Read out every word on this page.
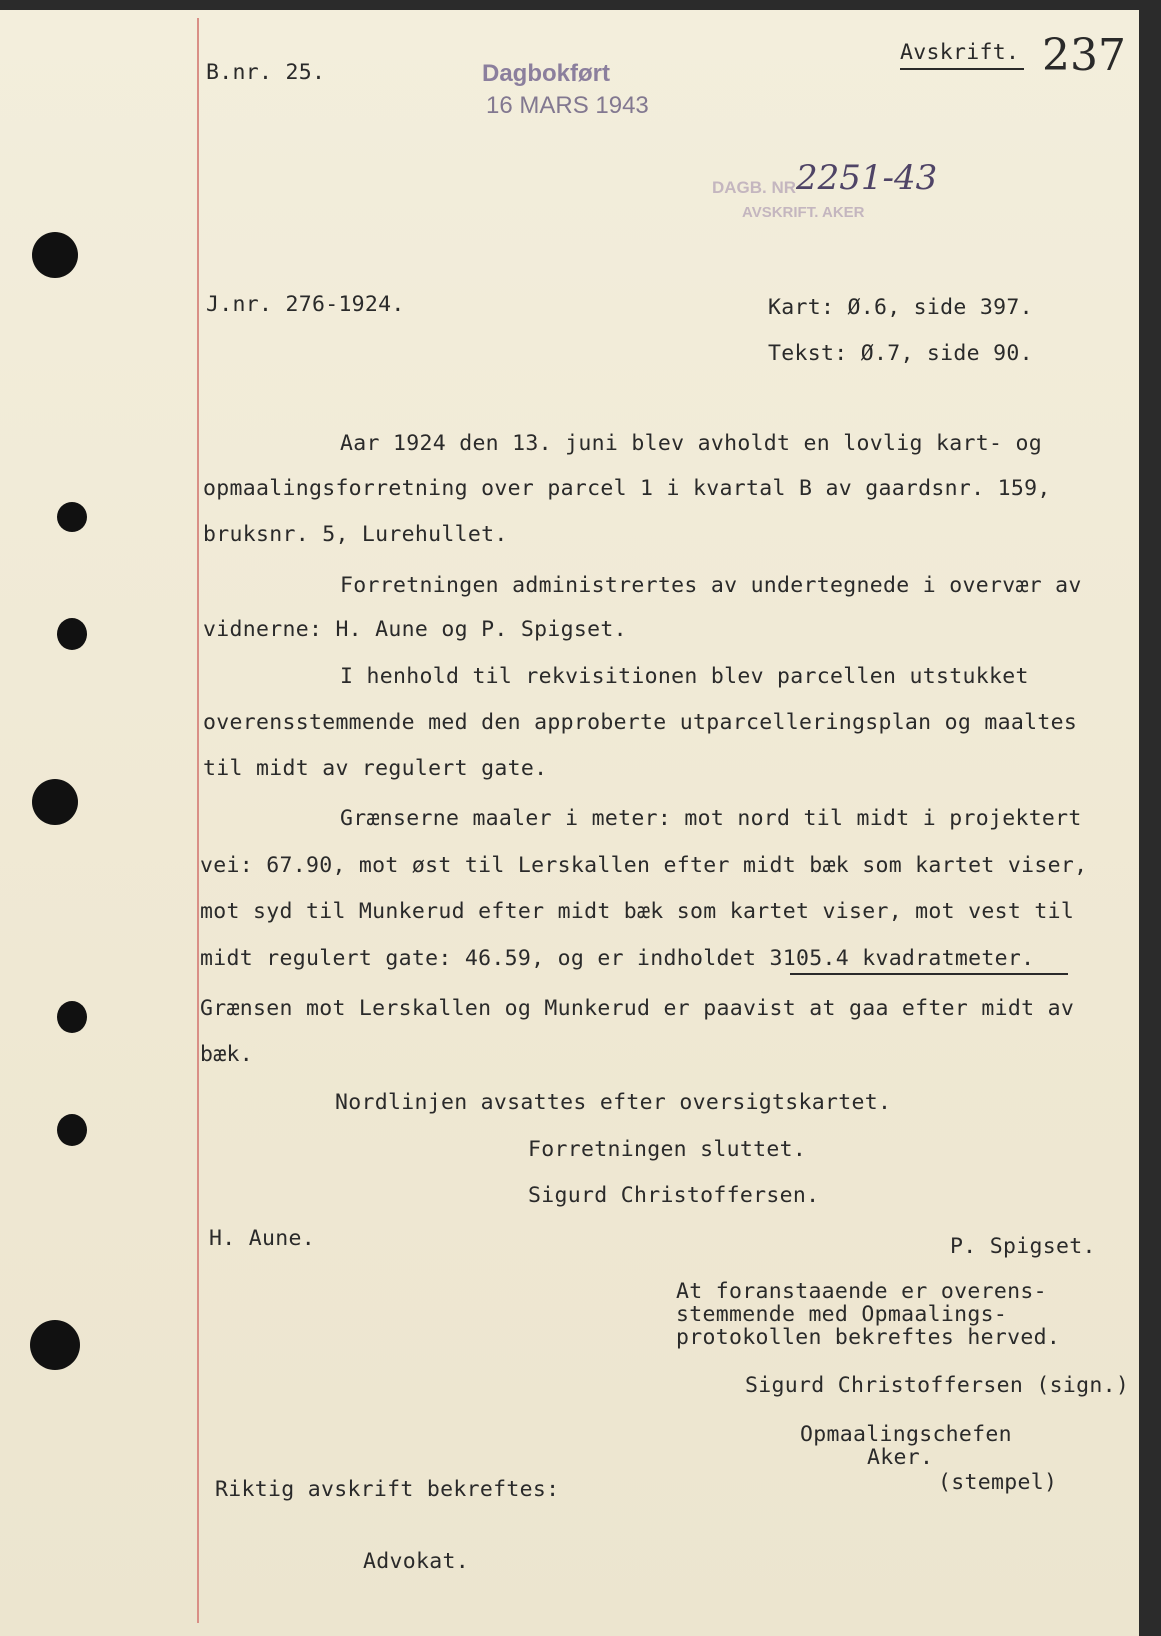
B.nr. 25.	Dagbokført
16 MARS 1943
Avskrift. 237
DAGB. NR 2251-43
AVSKRIFT. AKER
J.nr. 276-1924.	Kart: Ø.6, side 397.
Tekst: Ø.7, side 90.
Aar 1924 den 13. juni blev avholdt en lovlig kart- og
opmaalingsforretning over parcel 1 i kvartal B av gaardsnr. 159,
bruksnr. 5, Lurehullet.
Forretningen administrertes av undertegnede i overvær av
vidnerne: H. Aune og P. Spigset.
I henhold til rekvisitionen blev parcellen utstukket
overensstemmende med den approberte utparcelleringsplan og maaltes
til midt av regulert gate.
Grænserne maaler i meter: mot nord til midt i projektert
vei: 67.90, mot øst til Lerskallen efter midt bæk som kartet viser,
mot syd til Munkerud efter midt bæk som kartet viser, mot vest til
midt regulert gate: 46.59, og er indholdet 3105.4 kvadratmeter.
Grænsen mot Lerskallen og Munkerud er paavist at gaa efter midt av
bæk.
Nordlinjen avsattes efter oversigtskartet.
Forretningen sluttet.
Sigurd Christoffersen.
H. Aune.	P. Spigset.
At foranstaaende er overens-
stemmende med Opmaalings-
protokollen bekreftes herved.
Sigurd Christoffersen (sign.)
Opmaalingschefen
Aker.
(stempel)
Riktig avskrift bekreftes:
Advokat.
